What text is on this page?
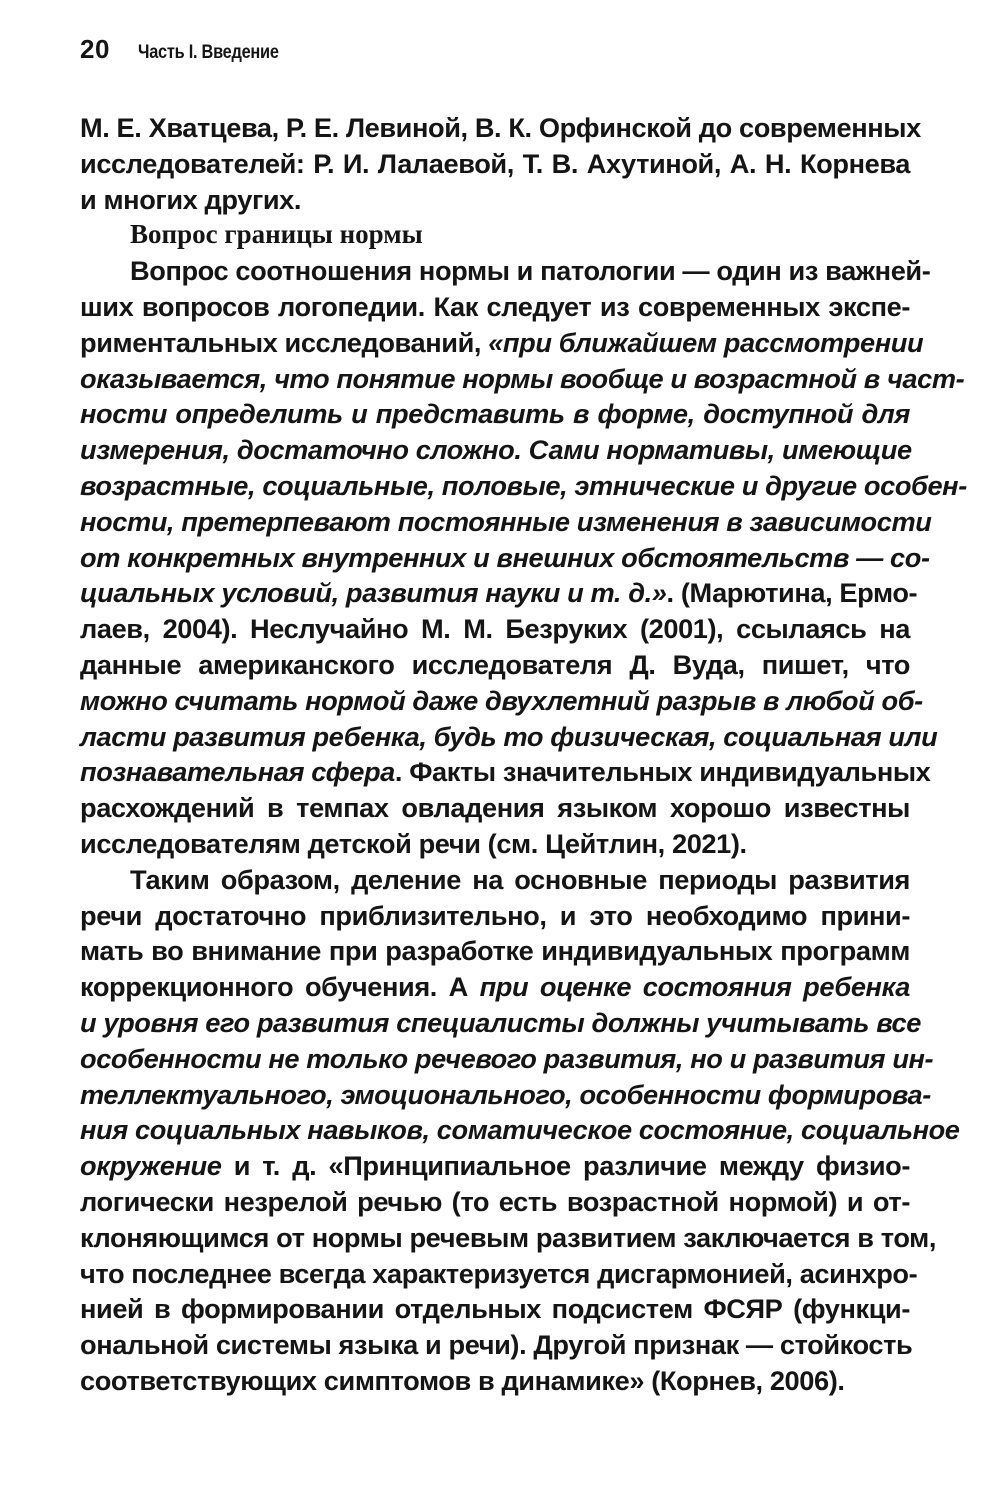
20 Часть I. Введение
М. Е. Хватцева, Р. Е. Левиной, В. К. Орфинской до современных
исследователей: Р. И. Лалаевой, Т. В. Ахутиной, А. Н. Корнева
и многих других.
Вопрос границы нормы
Вопрос соотношения нормы и патологии — один из важней-
ших вопросов логопедии. Как следует из современных экспе-
риментальных исследований, «при ближайшем рассмотрении
оказывается, что понятие нормы вообще и возрастной в част-
ности определить и представить в форме, доступной для
измерения, достаточно сложно. Сами нормативы, имеющие
возрастные, социальные, половые, этнические и другие особен-
ности, претерпевают постоянные изменения в зависимости
от конкретных внутренних и внешних обстоятельств — со-
циальных условий, развития науки и т. д.». (Марютина, Ермо-
лаев, 2004). Неслучайно М. М. Безруких (2001), ссылаясь на
данные американского исследователя Д. Вуда, пишет, что
можно считать нормой даже двухлетний разрыв в любой об-
ласти развития ребенка, будь то физическая, социальная или
познавательная сфера. Факты значительных индивидуальных
расхождений в темпах овладения языком хорошо известны
исследователям детской речи (см. Цейтлин, 2021).
Таким образом, деление на основные периоды развития
речи достаточно приблизительно, и это необходимо прини-
мать во внимание при разработке индивидуальных программ
коррекционного обучения. А при оценке состояния ребенка
и уровня его развития специалисты должны учитывать все
особенности не только речевого развития, но и развития ин-
теллектуального, эмоционального, особенности формирова-
ния социальных навыков, соматическое состояние, социальное
окружение и т. д. «Принципиальное различие между физио-
логически незрелой речью (то есть возрастной нормой) и от-
клоняющимся от нормы речевым развитием заключается в том,
что последнее всегда характеризуется дисгармонией, асинхро-
нией в формировании отдельных подсистем ФСЯР (функци-
ональной системы языка и речи). Другой признак — стойкость
соответствующих симптомов в динамике» (Корнев, 2006).
